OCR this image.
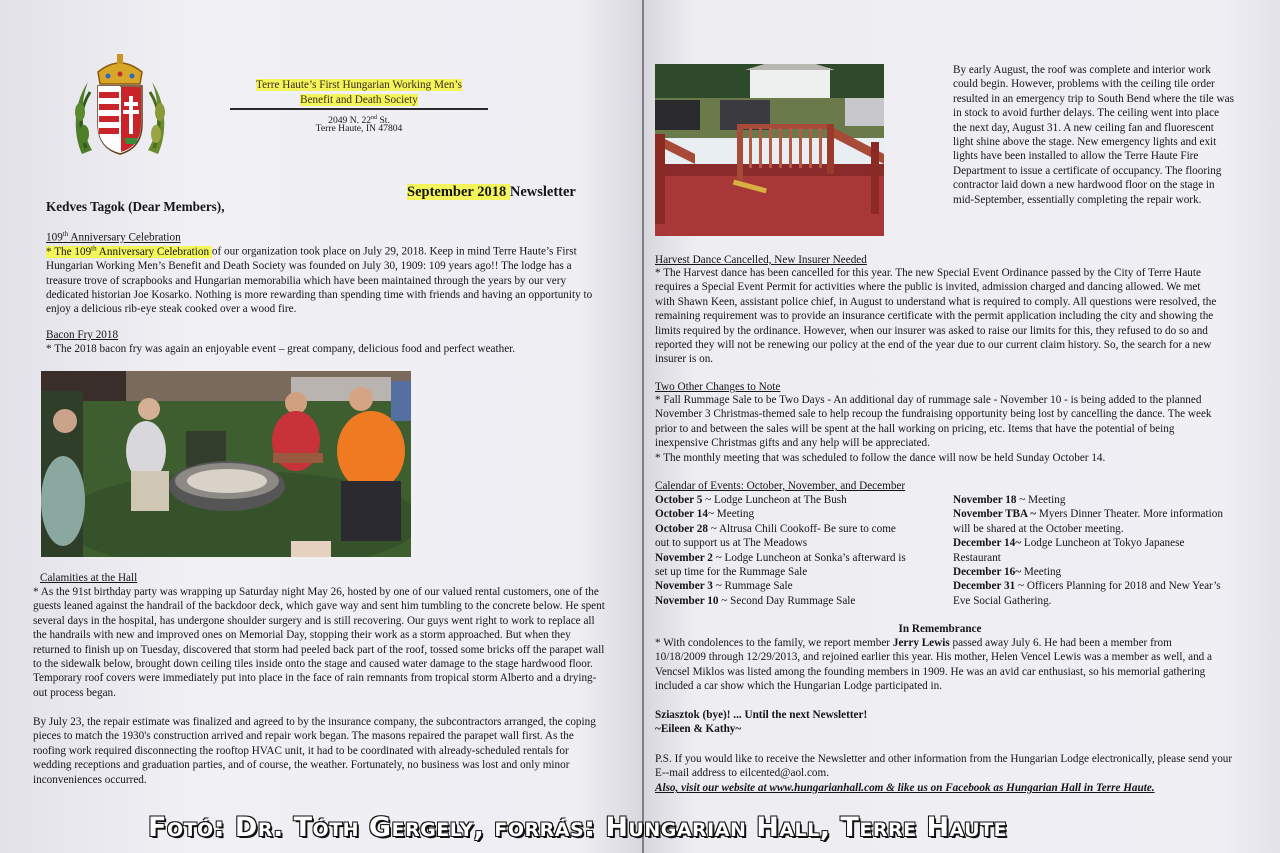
Terre Haute’s First Hungarian Working Men’s
Benefit and Death Society
2049 N. 22nd St.
Terre Haute, IN 47804
September 2018 Newsletter
Kedves Tagok (Dear Members),
109th Anniversary Celebration
* The 109th Anniversary Celebration of our organization took place on July 29, 2018. Keep in mind Terre Haute’s First Hungarian Working Men’s Benefit and Death Society was founded on July 30, 1909: 109 years ago!! The lodge has a treasure trove of scrapbooks and Hungarian memorabilia which have been maintained through the years by our very dedicated historian Joe Kosarko. Nothing is more rewarding than spending time with friends and having an opportunity to enjoy a delicious rib-eye steak cooked over a wood fire.
Bacon Fry 2018
* The 2018 bacon fry was again an enjoyable event – great company, delicious food and perfect weather.
Calamities at the Hall
* As the 91st birthday party was wrapping up Saturday night May 26, hosted by one of our valued rental customers, one of the guests leaned against the handrail of the backdoor deck, which gave way and sent him tumbling to the concrete below. He spent several days in the hospital, has undergone shoulder surgery and is still recovering. Our guys went right to work to replace all the handrails with new and improved ones on Memorial Day, stopping their work as a storm approached. But when they returned to finish up on Tuesday, discovered that storm had peeled back part of the roof, tossed some bricks off the parapet wall to the sidewalk below, brought down ceiling tiles inside onto the stage and caused water damage to the stage hardwood floor. Temporary roof covers were immediately put into place in the face of rain remnants from tropical storm Alberto and a drying-out process began.
By July 23, the repair estimate was finalized and agreed to by the insurance company, the subcontractors arranged, the coping pieces to match the 1930's construction arrived and repair work began. The masons repaired the parapet wall first. As the roofing work required disconnecting the rooftop HVAC unit, it had to be coordinated with already-scheduled rentals for wedding receptions and graduation parties, and of course, the weather. Fortunately, no business was lost and only minor inconveniences occurred.
By early August, the roof was complete and interior work could begin. However, problems with the ceiling tile order resulted in an emergency trip to South Bend where the tile was in stock to avoid further delays. The ceiling went into place the next day, August 31. A new ceiling fan and fluorescent light shine above the stage. New emergency lights and exit lights have been installed to allow the Terre Haute Fire Department to issue a certificate of occupancy. The flooring contractor laid down a new hardwood floor on the stage in mid-September, essentially completing the repair work.
Harvest Dance Cancelled, New Insurer Needed
* The Harvest dance has been cancelled for this year. The new Special Event Ordinance passed by the City of Terre Haute requires a Special Event Permit for activities where the public is invited, admission charged and dancing allowed. We met with Shawn Keen, assistant police chief, in August to understand what is required to comply. All questions were resolved, the remaining requirement was to provide an insurance certificate with the permit application including the city and showing the limits required by the ordinance. However, when our insurer was asked to raise our limits for this, they refused to do so and reported they will not be renewing our policy at the end of the year due to our current claim history. So, the search for a new insurer is on.
Two Other Changes to Note
* Fall Rummage Sale to be Two Days - An additional day of rummage sale - November 10 - is being added to the planned November 3 Christmas-themed sale to help recoup the fundraising opportunity being lost by cancelling the dance. The week prior to and between the sales will be spent at the hall working on pricing, etc. Items that have the potential of being inexpensive Christmas gifts and any help will be appreciated.
* The monthly meeting that was scheduled to follow the dance will now be held Sunday October 14.
Calendar of Events: October, November, and December

October 5 ~ Lodge Luncheon at The Bush

October 14~ Meeting

October 28 ~ Altrusa Chili Cookoff- Be sure to come out to support us at The Meadows

November 2 ~ Lodge Luncheon at Sonka’s afterward is set up time for the Rummage Sale

November 3 ~ Rummage Sale

November 10 ~ Second Day Rummage Sale

November 18 ~ Meeting

November TBA ~ Myers Dinner Theater. More information will be shared at the October meeting.

December 14~ Lodge Luncheon at Tokyo Japanese Restaurant

December 16~ Meeting

December 31 ~ Officers Planning for 2018 and New Year’s Eve Social Gathering.

In Remembrance
* With condolences to the family, we report member Jerry Lewis passed away July 6. He had been a member from 10/18/2009 through 12/29/2013, and rejoined earlier this year. His mother, Helen Vencel Lewis was a member as well, and a Vencsel Miklos was listed among the founding members in 1909. He was an avid car enthusiast, so his memorial gathering included a car show which the Hungarian Lodge participated in.
Sziasztok (bye)! ... Until the next Newsletter!
~Eileen & Kathy~
P.S. If you would like to receive the Newsletter and other information from the Hungarian Lodge electronically, please send your E--mail address to eilcented@aol.com.
Also, visit our website at www.hungarianhall.com & like us on Facebook as Hungarian Hall in Terre Haute.
Fotó: Dr. Tóth Gergely, forrás: Hungarian Hall, Terre Haute
